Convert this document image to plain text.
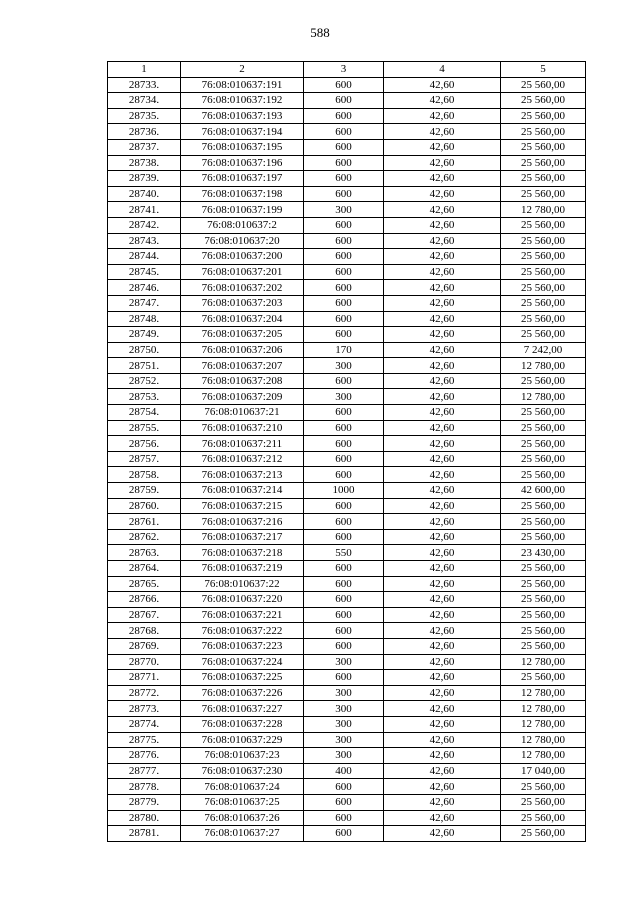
588
1	2	3	4	5
28733.	76:08:010637:191	600	42,60	25 560,00
28734.	76:08:010637:192	600	42,60	25 560,00
28735.	76:08:010637:193	600	42,60	25 560,00
28736.	76:08:010637:194	600	42,60	25 560,00
28737.	76:08:010637:195	600	42,60	25 560,00
28738.	76:08:010637:196	600	42,60	25 560,00
28739.	76:08:010637:197	600	42,60	25 560,00
28740.	76:08:010637:198	600	42,60	25 560,00
28741.	76:08:010637:199	300	42,60	12 780,00
28742.	76:08:010637:2	600	42,60	25 560,00
28743.	76:08:010637:20	600	42,60	25 560,00
28744.	76:08:010637:200	600	42,60	25 560,00
28745.	76:08:010637:201	600	42,60	25 560,00
28746.	76:08:010637:202	600	42,60	25 560,00
28747.	76:08:010637:203	600	42,60	25 560,00
28748.	76:08:010637:204	600	42,60	25 560,00
28749.	76:08:010637:205	600	42,60	25 560,00
28750.	76:08:010637:206	170	42,60	7 242,00
28751.	76:08:010637:207	300	42,60	12 780,00
28752.	76:08:010637:208	600	42,60	25 560,00
28753.	76:08:010637:209	300	42,60	12 780,00
28754.	76:08:010637:21	600	42,60	25 560,00
28755.	76:08:010637:210	600	42,60	25 560,00
28756.	76:08:010637:211	600	42,60	25 560,00
28757.	76:08:010637:212	600	42,60	25 560,00
28758.	76:08:010637:213	600	42,60	25 560,00
28759.	76:08:010637:214	1000	42,60	42 600,00
28760.	76:08:010637:215	600	42,60	25 560,00
28761.	76:08:010637:216	600	42,60	25 560,00
28762.	76:08:010637:217	600	42,60	25 560,00
28763.	76:08:010637:218	550	42,60	23 430,00
28764.	76:08:010637:219	600	42,60	25 560,00
28765.	76:08:010637:22	600	42,60	25 560,00
28766.	76:08:010637:220	600	42,60	25 560,00
28767.	76:08:010637:221	600	42,60	25 560,00
28768.	76:08:010637:222	600	42,60	25 560,00
28769.	76:08:010637:223	600	42,60	25 560,00
28770.	76:08:010637:224	300	42,60	12 780,00
28771.	76:08:010637:225	600	42,60	25 560,00
28772.	76:08:010637:226	300	42,60	12 780,00
28773.	76:08:010637:227	300	42,60	12 780,00
28774.	76:08:010637:228	300	42,60	12 780,00
28775.	76:08:010637:229	300	42,60	12 780,00
28776.	76:08:010637:23	300	42,60	12 780,00
28777.	76:08:010637:230	400	42,60	17 040,00
28778.	76:08:010637:24	600	42,60	25 560,00
28779.	76:08:010637:25	600	42,60	25 560,00
28780.	76:08:010637:26	600	42,60	25 560,00
28781.	76:08:010637:27	600	42,60	25 560,00
